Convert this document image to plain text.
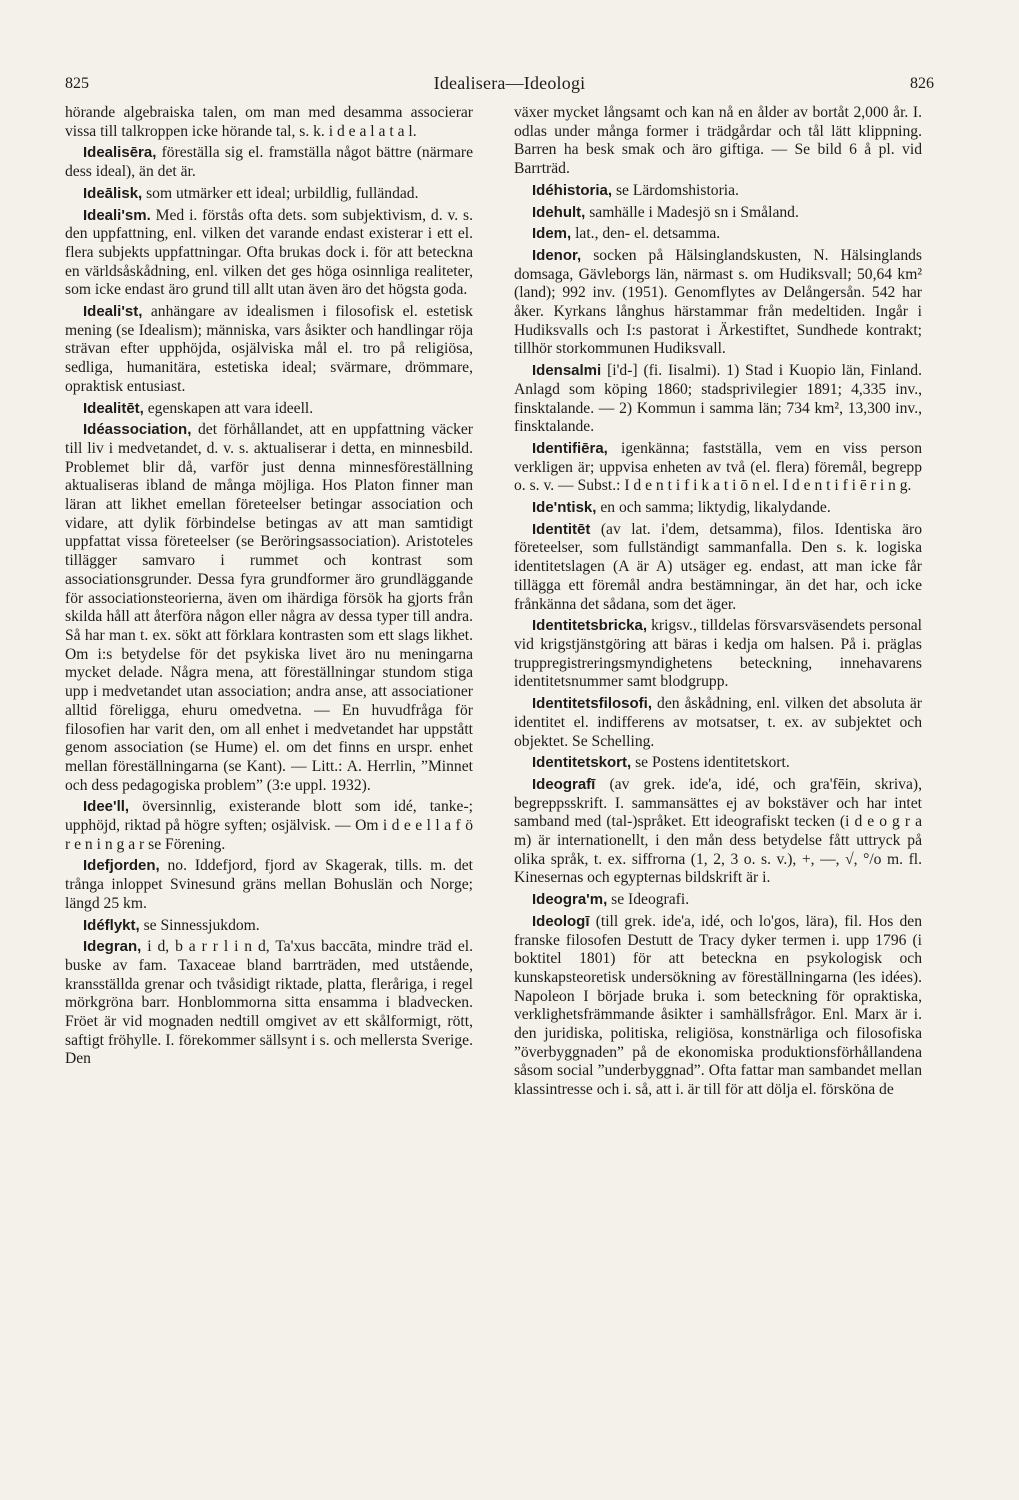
825	Idealisera—Ideologi	826

hörande algebraiska talen, om man med desamma associerar vissa till talkroppen icke hörande tal, s. k. i d e a l a t a l.

Idealisēra, föreställa sig el. framställa något bättre (närmare dess ideal), än det är.

Ideālisk, som utmärker ett ideal; urbildlig, fulländad.

Ideali'sm. Med i. förstås ofta dets. som subjektivism, d. v. s. den uppfattning, enl. vilken det varande endast existerar i ett el. flera subjekts uppfattningar. Ofta brukas dock i. för att beteckna en världsåskådning, enl. vilken det ges höga osinnliga realiteter, som icke endast äro grund till allt utan även äro det högsta goda.

Ideali'st, anhängare av idealismen i filosofisk el. estetisk mening (se Idealism); människa, vars åsikter och handlingar röja strävan efter upphöjda, osjälviska mål el. tro på religiösa, sedliga, humanitära, estetiska ideal; svärmare, drömmare, opraktisk entusiast.

Idealitēt, egenskapen att vara ideell.

Idéassociation, det förhållandet, att en uppfattning väcker till liv i medvetandet, d. v. s. aktualiserar i detta, en minnesbild. Problemet blir då, varför just denna minnesföreställning aktualiseras ibland de många möjliga. Hos Platon finner man läran att likhet emellan företeelser betingar association och vidare, att dylik förbindelse betingas av att man samtidigt uppfattat vissa företeelser (se Beröringsassociation). Aristoteles tillägger samvaro i rummet och kontrast som associationsgrunder. Dessa fyra grundformer äro grundläggande för associationsteorierna, även om ihärdiga försök ha gjorts från skilda håll att återföra någon eller några av dessa typer till andra. Så har man t. ex. sökt att förklara kontrasten som ett slags likhet. Om i:s betydelse för det psykiska livet äro nu meningarna mycket delade. Några mena, att föreställningar stundom stiga upp i medvetandet utan association; andra anse, att associationer alltid föreligga, ehuru omedvetna. — En huvudfråga för filosofien har varit den, om all enhet i medvetandet har uppstått genom association (se Hume) el. om det finns en urspr. enhet mellan föreställningarna (se Kant). — Litt.: A. Herrlin, ”Minnet och dess pedagogiska problem” (3:e uppl. 1932).

Idee'll, översinnlig, existerande blott som idé, tanke-; upphöjd, riktad på högre syften; osjälvisk. — Om i d e e l l a f ö r e n i n g a r se Förening.

Idefjorden, no. Iddefjord, fjord av Skagerak, tills. m. det trånga inloppet Svinesund gräns mellan Bohuslän och Norge; längd 25 km.

Idéflykt, se Sinnessjukdom.

Idegran, i d, b a r r l i n d, Ta'xus baccāta, mindre träd el. buske av fam. Taxaceae bland barrträden, med utstående, kransställda grenar och tvåsidigt riktade, platta, fleråriga, i regel mörkgröna barr. Honblommorna sitta ensamma i bladvecken. Fröet är vid mognaden nedtill omgivet av ett skålformigt, rött, saftigt fröhylle. I. förekommer sällsynt i s. och mellersta Sverige. Den

växer mycket långsamt och kan nå en ålder av bortåt 2,000 år. I. odlas under många former i trädgårdar och tål lätt klippning. Barren ha besk smak och äro giftiga. — Se bild 6 å pl. vid Barrträd.

Idéhistoria, se Lärdomshistoria.

Idehult, samhälle i Madesjö sn i Småland.

Idem, lat., den- el. detsamma.

Idenor, socken på Hälsinglandskusten, N. Hälsinglands domsaga, Gävleborgs län, närmast s. om Hudiksvall; 50,64 km² (land); 992 inv. (1951). Genomflytes av Delångersån. 542 har åker. Kyrkans långhus härstammar från medeltiden. Ingår i Hudiksvalls och I:s pastorat i Ärkestiftet, Sundhede kontrakt; tillhör storkommunen Hudiksvall.

Idensalmi [i'd-] (fi. Iisalmi). 1) Stad i Kuopio län, Finland. Anlagd som köping 1860; stadsprivilegier 1891; 4,335 inv., finsktalande. — 2) Kommun i samma län; 734 km², 13,300 inv., finsktalande.

Identifiēra, igenkänna; fastställa, vem en viss person verkligen är; uppvisa enheten av två (el. flera) föremål, begrepp o. s. v. — Subst.: I d e n t i f i k a t i ō n el. I d e n t i f i ē r i n g.

Ide'ntisk, en och samma; liktydig, likalydande.

Identitēt (av lat. i'dem, detsamma), filos. Identiska äro företeelser, som fullständigt sammanfalla. Den s. k. logiska identitetslagen (A är A) utsäger eg. endast, att man icke får tillägga ett föremål andra bestämningar, än det har, och icke frånkänna det sådana, som det äger.

Identitetsbricka, krigsv., tilldelas försvarsväsendets personal vid krigstjänstgöring att bäras i kedja om halsen. På i. präglas truppregistreringsmyndighetens beteckning, innehavarens identitetsnummer samt blodgrupp.

Identitetsfilosofi, den åskådning, enl. vilken det absoluta är identitet el. indifferens av motsatser, t. ex. av subjektet och objektet. Se Schelling.

Identitetskort, se Postens identitetskort.

Ideografī (av grek. ide'a, idé, och gra'fēin, skriva), begreppsskrift. I. sammansättes ej av bokstäver och har intet samband med (tal-)språket. Ett ideografiskt tecken (i d e o g r a m) är internationellt, i den mån dess betydelse fått uttryck på olika språk, t. ex. siffrorna (1, 2, 3 o. s. v.), +, —, √, °/o m. fl. Kinesernas och egypternas bildskrift är i.

Ideogra'm, se Ideografi.

Ideologī (till grek. ide'a, idé, och lo'gos, lära), fil. Hos den franske filosofen Destutt de Tracy dyker termen i. upp 1796 (i boktitel 1801) för att beteckna en psykologisk och kunskapsteoretisk undersökning av föreställningarna (les idées). Napoleon I började bruka i. som beteckning för opraktiska, verklighetsfrämmande åsikter i samhällsfrågor. Enl. Marx är i. den juridiska, politiska, religiösa, konstnärliga och filosofiska ”överbyggnaden” på de ekonomiska produktionsförhållandena såsom social ”underbyggnad”. Ofta fattar man sambandet mellan klassintresse och i. så, att i. är till för att dölja el. försköna de
